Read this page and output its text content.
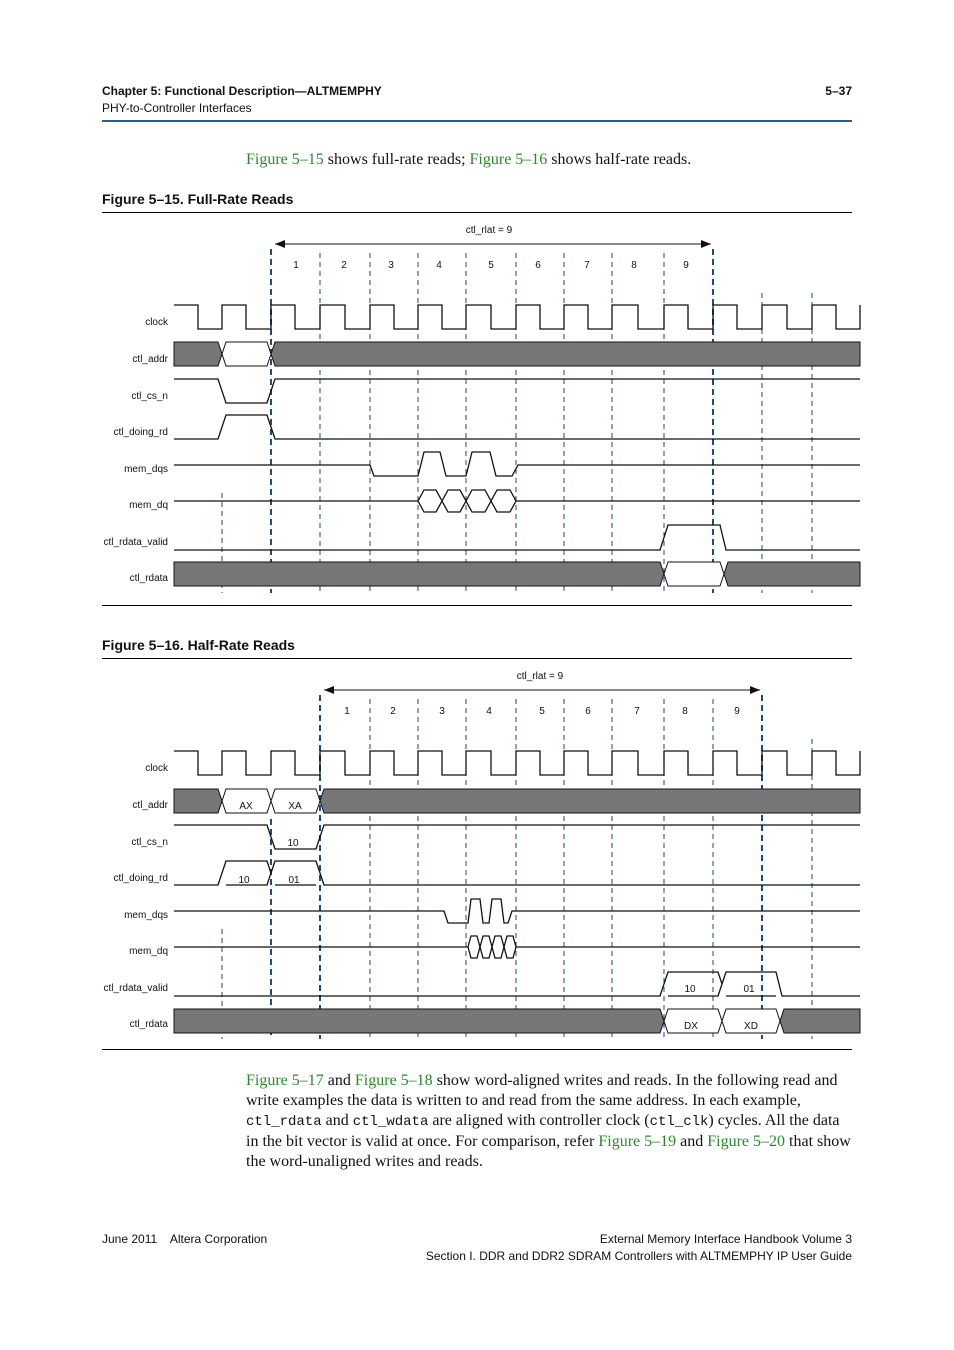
Chapter 5: Functional Description—ALTMEMPHY
PHY-to-Controller Interfaces
5–37
Figure 5–15 shows full-rate reads; Figure 5–16 shows half-rate reads.
Figure 5–15. Full-Rate Reads
ctl_rlat = 9
1	2	3	4	5	6	7	8	9
clock
ctl_addr
ctl_cs_n
ctl_doing_rd
mem_dqs
mem_dq
ctl_rdata_valid
ctl_rdata
Figure 5–16. Half-Rate Reads
ctl_rlat = 9
1	2	3	4	5	6	7	8	9
clock
ctl_addr
ctl_cs_n
ctl_doing_rd
mem_dqs
mem_dq
ctl_rdata_valid
ctl_rdata
AX	XA
10
10	01
10	01
DX	XD
Figure 5–17 and Figure 5–18 show word-aligned writes and reads. In the following read and write examples the data is written to and read from the same address. In each example, ctl_rdata and ctl_wdata are aligned with controller clock (ctl_clk) cycles. All the data in the bit vector is valid at once. For comparison, refer Figure 5–19 and Figure 5–20 that show the word-unaligned writes and reads.
June 2011    Altera Corporation	External Memory Interface Handbook Volume 3
Section I. DDR and DDR2 SDRAM Controllers with ALTMEMPHY IP User Guide
